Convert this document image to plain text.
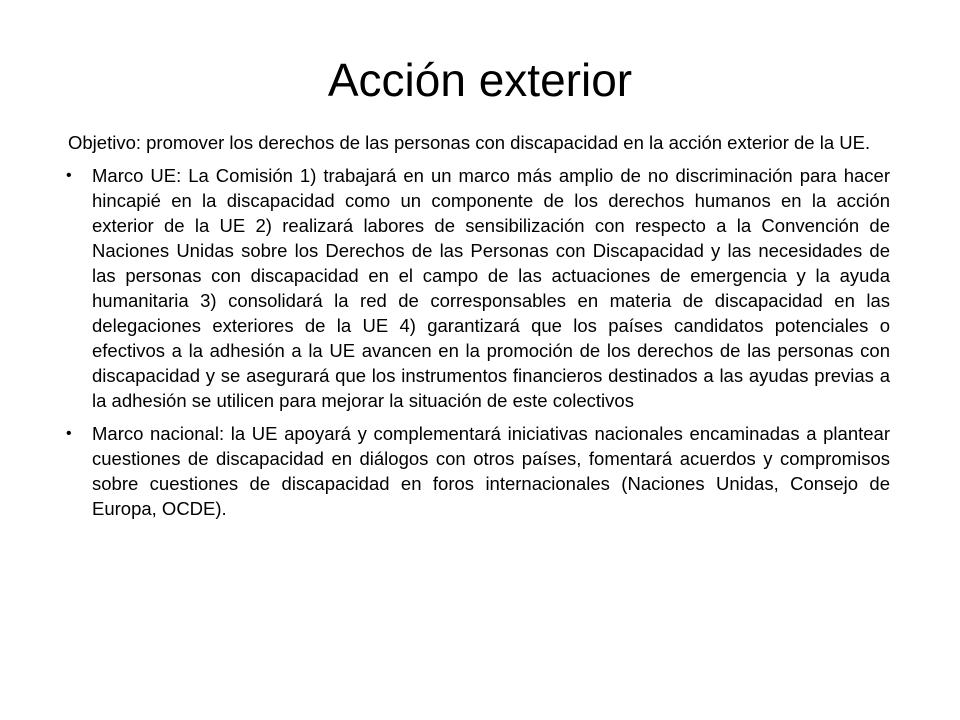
Acción exterior

Objetivo: promover los derechos de las personas con discapacidad en la acción exterior de la UE.

• Marco UE: La Comisión 1) trabajará en un marco más amplio de no discriminación para hacer hincapié en la discapacidad como un componente de los derechos humanos en la acción exterior de la UE 2) realizará labores de sensibilización con respecto a la Convención de Naciones Unidas sobre los Derechos de las Personas con Discapacidad y las necesidades de las personas con discapacidad en el campo de las actuaciones de emergencia y la ayuda humanitaria 3) consolidará la red de corresponsables en materia de discapacidad en las delegaciones exteriores de la UE 4) garantizará que los países candidatos potenciales o efectivos a la adhesión a la UE avancen en la promoción de los derechos de las personas con discapacidad y se asegurará que los instrumentos financieros destinados a las ayudas previas a la adhesión se utilicen para mejorar la situación de este colectivos

• Marco nacional: la UE apoyará y complementará iniciativas nacionales encaminadas a plantear cuestiones de discapacidad en diálogos con otros países, fomentará acuerdos y compromisos sobre cuestiones de discapacidad en foros internacionales (Naciones Unidas, Consejo de Europa, OCDE).
